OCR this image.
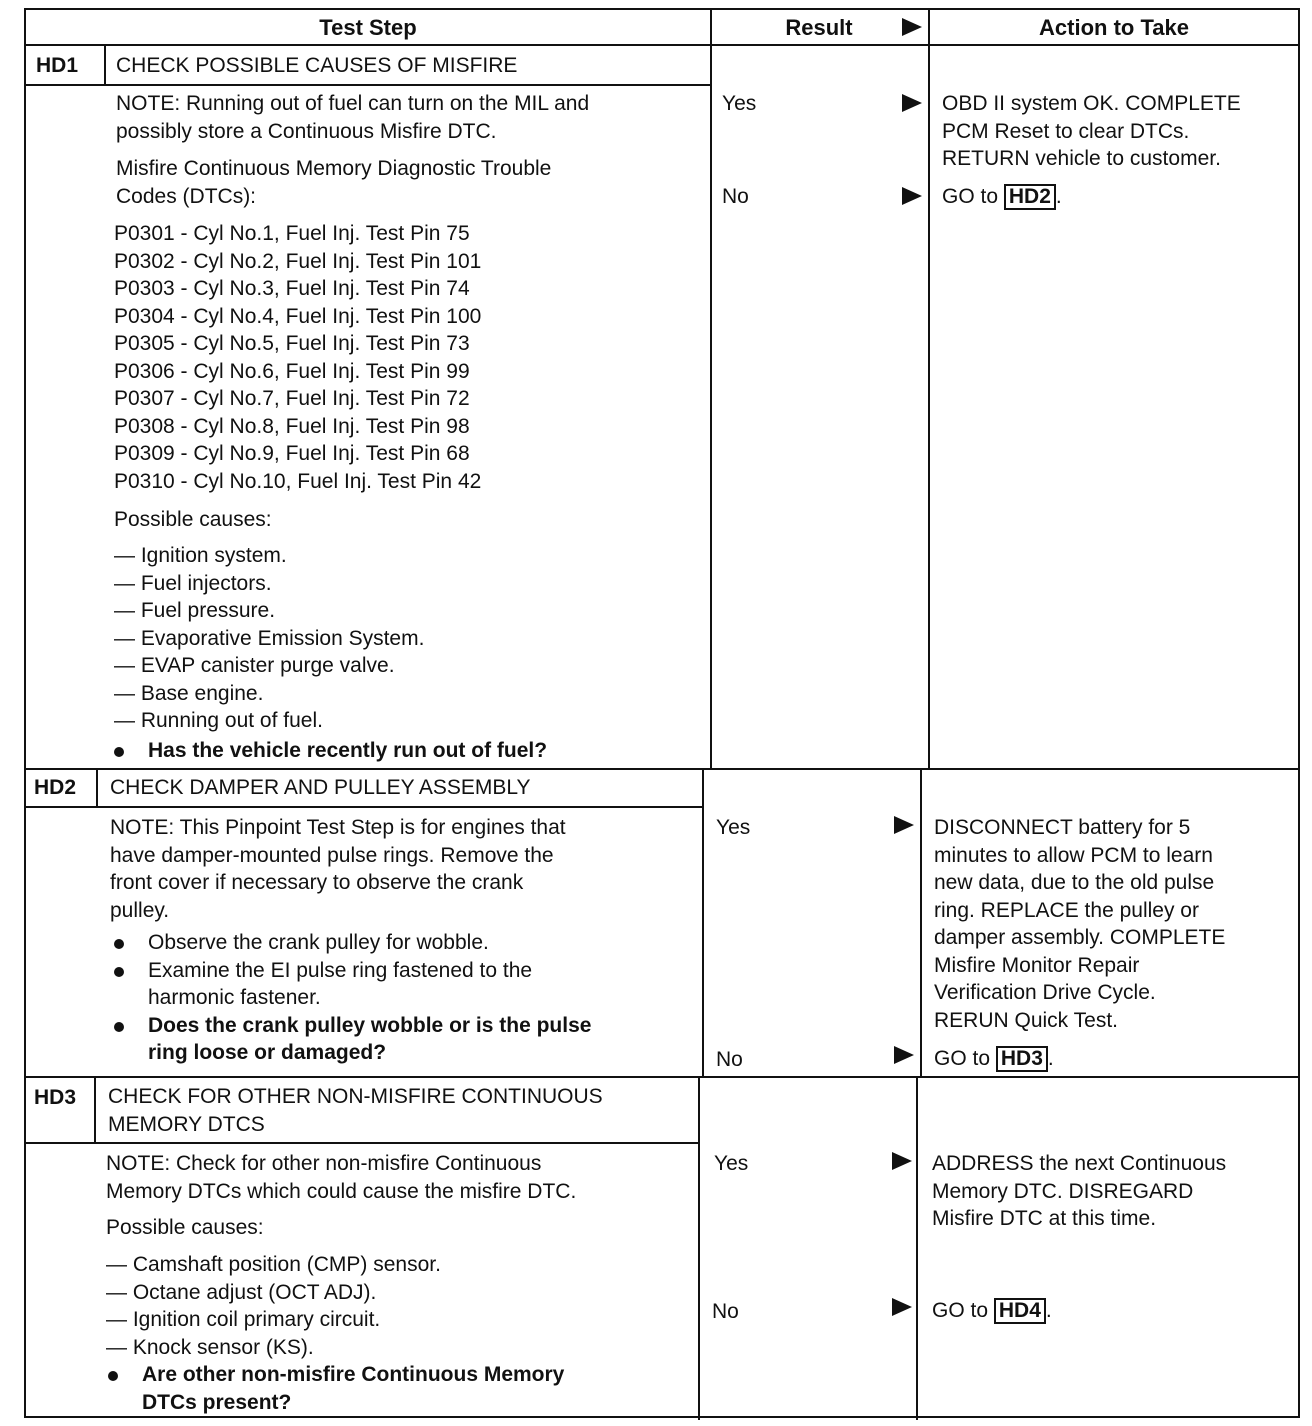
Test Step	Result	Action to Take
HD1 CHECK POSSIBLE CAUSES OF MISFIRE
NOTE: Running out of fuel can turn on the MIL and
possibly store a Continuous Misfire DTC.
Misfire Continuous Memory Diagnostic Trouble
Codes (DTCs):
P0301 - Cyl No.1, Fuel Inj. Test Pin 75
P0302 - Cyl No.2, Fuel Inj. Test Pin 101
P0303 - Cyl No.3, Fuel Inj. Test Pin 74
P0304 - Cyl No.4, Fuel Inj. Test Pin 100
P0305 - Cyl No.5, Fuel Inj. Test Pin 73
P0306 - Cyl No.6, Fuel Inj. Test Pin 99
P0307 - Cyl No.7, Fuel Inj. Test Pin 72
P0308 - Cyl No.8, Fuel Inj. Test Pin 98
P0309 - Cyl No.9, Fuel Inj. Test Pin 68
P0310 - Cyl No.10, Fuel Inj. Test Pin 42
Possible causes:
— Ignition system.
— Fuel injectors.
— Fuel pressure.
— Evaporative Emission System.
— EVAP canister purge valve.
— Base engine.
— Running out of fuel.
Has the vehicle recently run out of fuel?
Yes	OBD II system OK. COMPLETE
PCM Reset to clear DTCs.
RETURN vehicle to customer.
No	GO to HD2 .
HD2 CHECK DAMPER AND PULLEY ASSEMBLY
NOTE: This Pinpoint Test Step is for engines that
have damper-mounted pulse rings. Remove the
front cover if necessary to observe the crank
pulley.
Observe the crank pulley for wobble.
Examine the EI pulse ring fastened to the
harmonic fastener.
Does the crank pulley wobble or is the pulse
ring loose or damaged?
Yes	DISCONNECT battery for 5
minutes to allow PCM to learn
new data, due to the old pulse
ring. REPLACE the pulley or
damper assembly. COMPLETE
Misfire Monitor Repair
Verification Drive Cycle.
RERUN Quick Test.
No	GO to HD3 .
HD3 CHECK FOR OTHER NON-MISFIRE CONTINUOUS
MEMORY DTCS
NOTE: Check for other non-misfire Continuous
Memory DTCs which could cause the misfire DTC.
Possible causes:
— Camshaft position (CMP) sensor.
— Octane adjust (OCT ADJ).
— Ignition coil primary circuit.
— Knock sensor (KS).
Are other non-misfire Continuous Memory
DTCs present?
Yes	ADDRESS the next Continuous
Memory DTC. DISREGARD
Misfire DTC at this time.
No	GO to HD4 .
